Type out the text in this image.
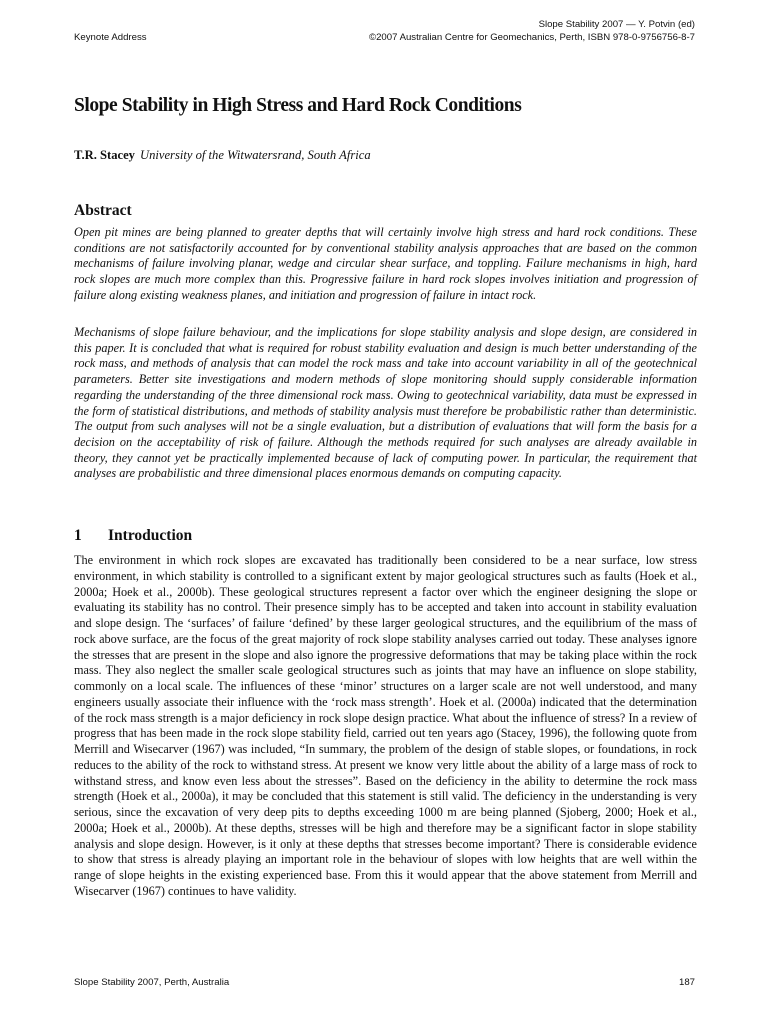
Slope Stability 2007 — Y. Potvin (ed)
©2007 Australian Centre for Geomechanics, Perth, ISBN 978-0-9756756-8-7
Keynote Address
Slope Stability in High Stress and Hard Rock Conditions
T.R. Stacey University of the Witwatersrand, South Africa
Abstract

Open pit mines are being planned to greater depths that will certainly involve high stress and hard rock conditions. These conditions are not satisfactorily accounted for by conventional stability analysis approaches that are based on the common mechanisms of failure involving planar, wedge and circular shear surface, and toppling. Failure mechanisms in high, hard rock slopes are much more complex than this. Progressive failure in hard rock slopes involves initiation and progression of failure along existing weakness planes, and initiation and progression of failure in intact rock.

Mechanisms of slope failure behaviour, and the implications for slope stability analysis and slope design, are considered in this paper. It is concluded that what is required for robust stability evaluation and design is much better understanding of the rock mass, and methods of analysis that can model the rock mass and take into account variability in all of the geotechnical parameters. Better site investigations and modern methods of slope monitoring should supply considerable information regarding the understanding of the three dimensional rock mass. Owing to geotechnical variability, data must be expressed in the form of statistical distributions, and methods of stability analysis must therefore be probabilistic rather than deterministic. The output from such analyses will not be a single evaluation, but a distribution of evaluations that will form the basis for a decision on the acceptability of risk of failure. Although the methods required for such analyses are already available in theory, they cannot yet be practically implemented because of lack of computing power. In particular, the requirement that analyses are probabilistic and three dimensional places enormous demands on computing capacity.

1 Introduction

The environment in which rock slopes are excavated has traditionally been considered to be a near surface, low stress environment, in which stability is controlled to a significant extent by major geological structures such as faults (Hoek et al., 2000a; Hoek et al., 2000b). These geological structures represent a factor over which the engineer designing the slope or evaluating its stability has no control. Their presence simply has to be accepted and taken into account in stability evaluation and slope design. The ‘surfaces’ of failure ‘defined’ by these larger geological structures, and the equilibrium of the mass of rock above surface, are the focus of the great majority of rock slope stability analyses carried out today. These analyses ignore the stresses that are present in the slope and also ignore the progressive deformations that may be taking place within the rock mass. They also neglect the smaller scale geological structures such as joints that may have an influence on slope stability, commonly on a local scale. The influences of these ‘minor’ structures on a larger scale are not well understood, and many engineers usually associate their influence with the ‘rock mass strength’. Hoek et al. (2000a) indicated that the determination of the rock mass strength is a major deficiency in rock slope design practice. What about the influence of stress? In a review of progress that has been made in the rock slope stability field, carried out ten years ago (Stacey, 1996), the following quote from Merrill and Wisecarver (1967) was included, “In summary, the problem of the design of stable slopes, or foundations, in rock reduces to the ability of the rock to withstand stress. At present we know very little about the ability of a large mass of rock to withstand stress, and know even less about the stresses”. Based on the deficiency in the ability to determine the rock mass strength (Hoek et al., 2000a), it may be concluded that this statement is still valid. The deficiency in the understanding is very serious, since the excavation of very deep pits to depths exceeding 1000 m are being planned (Sjoberg, 2000; Hoek et al., 2000a; Hoek et al., 2000b). At these depths, stresses will be high and therefore may be a significant factor in slope stability analysis and slope design. However, is it only at these depths that stresses become important? There is considerable evidence to show that stress is already playing an important role in the behaviour of slopes with low heights that are well within the range of slope heights in the existing experienced base. From this it would appear that the above statement from Merrill and Wisecarver (1967) continues to have validity.

Slope Stability 2007, Perth, Australia	187
